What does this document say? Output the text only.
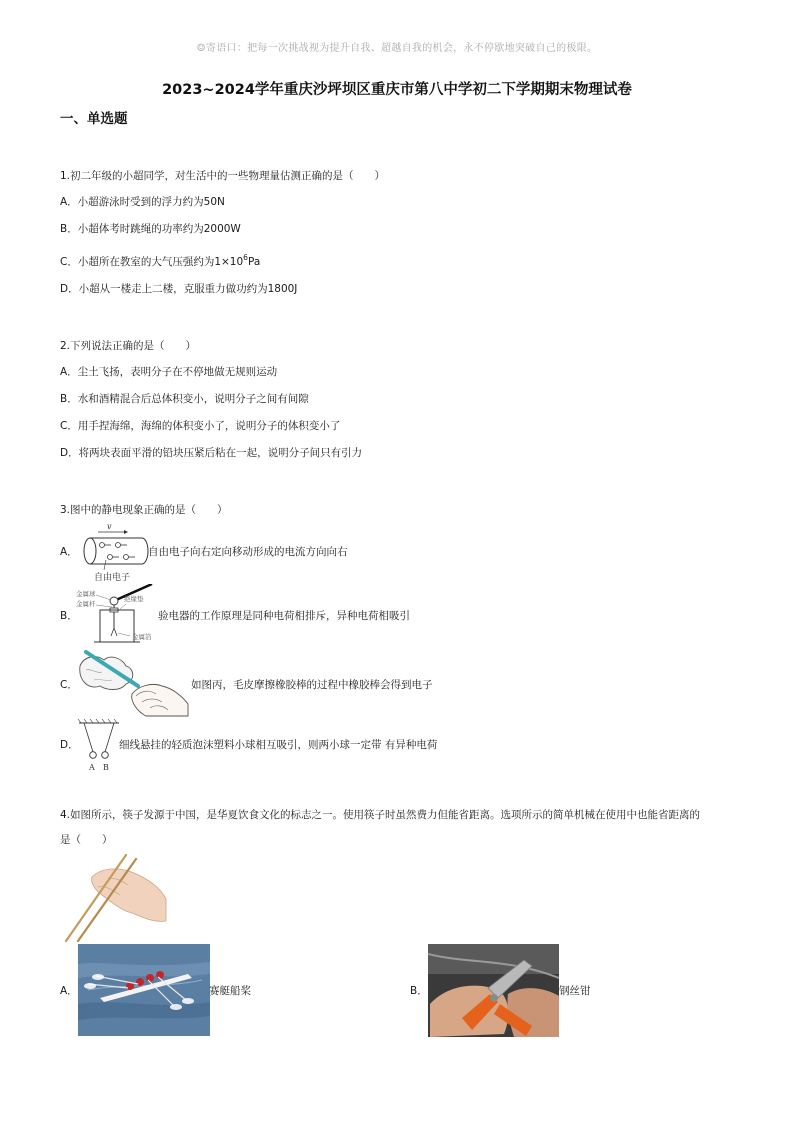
☺寄语口：把每一次挑战视为提升自我、超越自我的机会，永不停歇地突破自己的极限。
2023~2024学年重庆沙坪坝区重庆市第八中学初二下学期期末物理试卷
一、单选题
1.初二年级的小超同学，对生活中的一些物理量估测正确的是（　　）
A．小超游泳时受到的浮力约为50N
B．小超体考时跳绳的功率约为2000W
C．小超所在教室的大气压强约为$1\times 10^6Pa$
D．小超从一楼走上二楼，克服重力做功约为1800J
2.下列说法正确的是（　　）
A．尘土飞扬，表明分子在不停地做无规则运动
B．水和酒精混合后总体积变小，说明分子之间有间隙
C．用手捏海绵，海绵的体积变小了，说明分子的体积变小了
D．将两块表面平滑的铅块压紧后粘在一起，说明分子间只有引力
3.图中的静电现象正确的是（　　）
A．
v
自由电子
自由电子向右定向移动形成的电流方向向右
B．
金属球
金属杆
绝缘垫
金属箔
验电器的工作原理是同种电荷相排斥，异种电荷相吸引
C．	如图丙，毛皮摩擦橡胶棒的过程中橡胶棒会得到电子
D．
A B
细线悬挂的轻质泡沫塑料小球相互吸引，则两小球一定带 有异种电荷
4.如图所示，筷子发源于中国，是华夏饮食文化的标志之一。使用筷子时虽然费力但能省距离。选项所示的简单机械在使用中也能省距离的
是（　　）
A．	赛艇船桨	B．	钢丝钳
